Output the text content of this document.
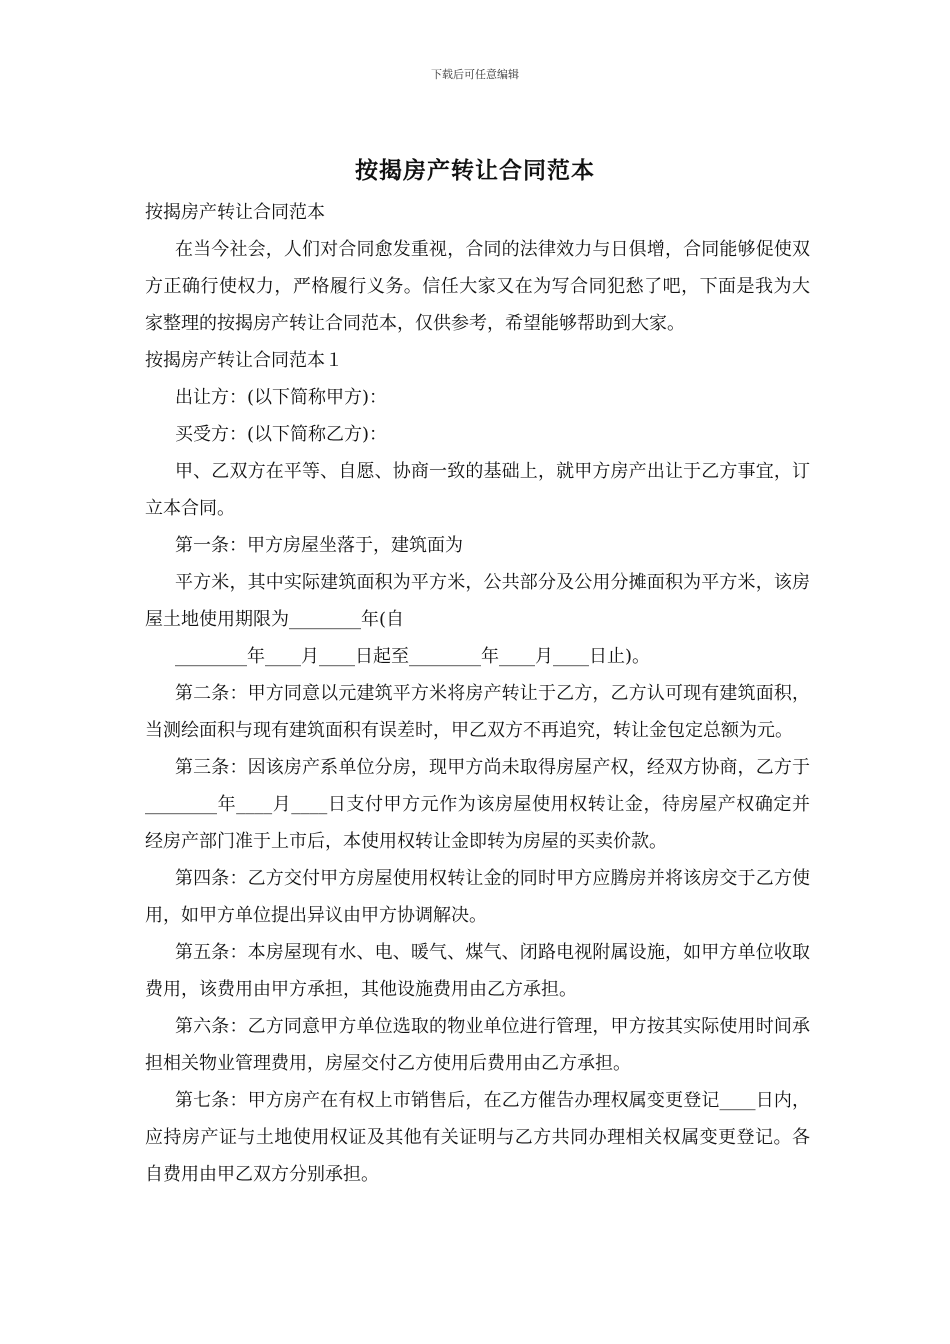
下载后可任意编辑
按揭房产转让合同范本

按揭房产转让合同范本

在当今社会，人们对合同愈发重视，合同的法律效力与日俱增，合同能够促使双方正确行使权力，严格履行义务。信任大家又在为写合同犯愁了吧，下面是我为大家整理的按揭房产转让合同范本，仅供参考，希望能够帮助到大家。

按揭房产转让合同范本１

出让方：(以下简称甲方)：

买受方：(以下简称乙方)：

甲、乙双方在平等、自愿、协商一致的基础上，就甲方房产出让于乙方事宜，订立本合同。

第一条：甲方房屋坐落于，建筑面为

平方米，其中实际建筑面积为平方米，公共部分及公用分摊面积为平方米，该房屋土地使用期限为________年(自

________年____月____日起至________年____月____日止)。

第二条：甲方同意以元建筑平方米将房产转让于乙方，乙方认可现有建筑面积，当测绘面积与现有建筑面积有误差时，甲乙双方不再追究，转让金包定总额为元。

第三条：因该房产系单位分房，现甲方尚未取得房屋产权，经双方协商，乙方于________年____月____日支付甲方元作为该房屋使用权转让金，待房屋产权确定并经房产部门准于上市后，本使用权转让金即转为房屋的买卖价款。

第四条：乙方交付甲方房屋使用权转让金的同时甲方应腾房并将该房交于乙方使用，如甲方单位提出异议由甲方协调解决。

第五条：本房屋现有水、电、暖气、煤气、闭路电视附属设施，如甲方单位收取费用，该费用由甲方承担，其他设施费用由乙方承担。

第六条：乙方同意甲方单位选取的物业单位进行管理，甲方按其实际使用时间承担相关物业管理费用，房屋交付乙方使用后费用由乙方承担。

第七条：甲方房产在有权上市销售后，在乙方催告办理权属变更登记____日内，应持房产证与土地使用权证及其他有关证明与乙方共同办理相关权属变更登记。各自费用由甲乙双方分别承担。
